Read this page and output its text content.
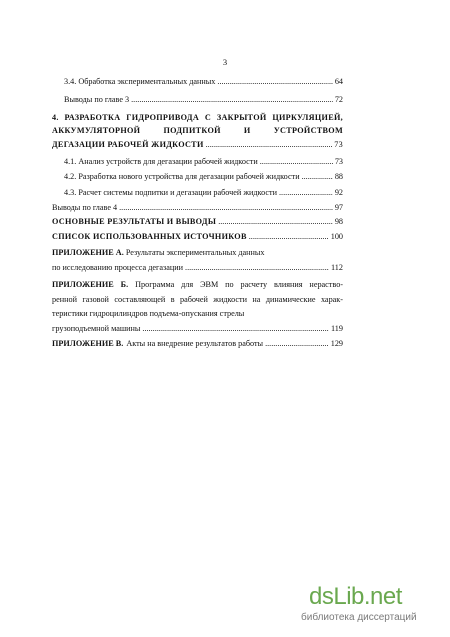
3
3.4. Обработка экспериментальных данных .....	64
Выводы по главе 3 .....	72
4. РАЗРАБОТКА ГИДРОПРИВОДА С ЗАКРЫТОЙ ЦИРКУЛЯЦИЕЙ,
АККУМУЛЯТОРНОЙ ПОДПИТКОЙ И УСТРОЙСТВОМ
ДЕГАЗАЦИИ РАБОЧЕЙ ЖИДКОСТИ .....	73
4.1. Анализ устройств для дегазации рабочей жидкости .....	73
4.2. Разработка нового устройства для дегазации рабочей жидкости .....	88
4.3. Расчет системы подпитки и дегазации рабочей жидкости .....	92
Выводы по главе 4 .....	97
ОСНОВНЫЕ РЕЗУЛЬТАТЫ И ВЫВОДЫ .....	98
СПИСОК ИСПОЛЬЗОВАННЫХ ИСТОЧНИКОВ .....	100
ПРИЛОЖЕНИЕ А. Результаты экспериментальных данных
по исследованию процесса дегазации .....	112
ПРИЛОЖЕНИЕ Б. Программа для ЭВМ по расчету влияния нераство-
ренной газовой составляющей в рабочей жидкости на динамические харак-
теристики гидроцилиндров подъема-опускания стрелы
грузоподъемной машины .....	119
ПРИЛОЖЕНИЕ В. Акты на внедрение результатов работы .....	129
dsLib.net
библиотека диссертаций
